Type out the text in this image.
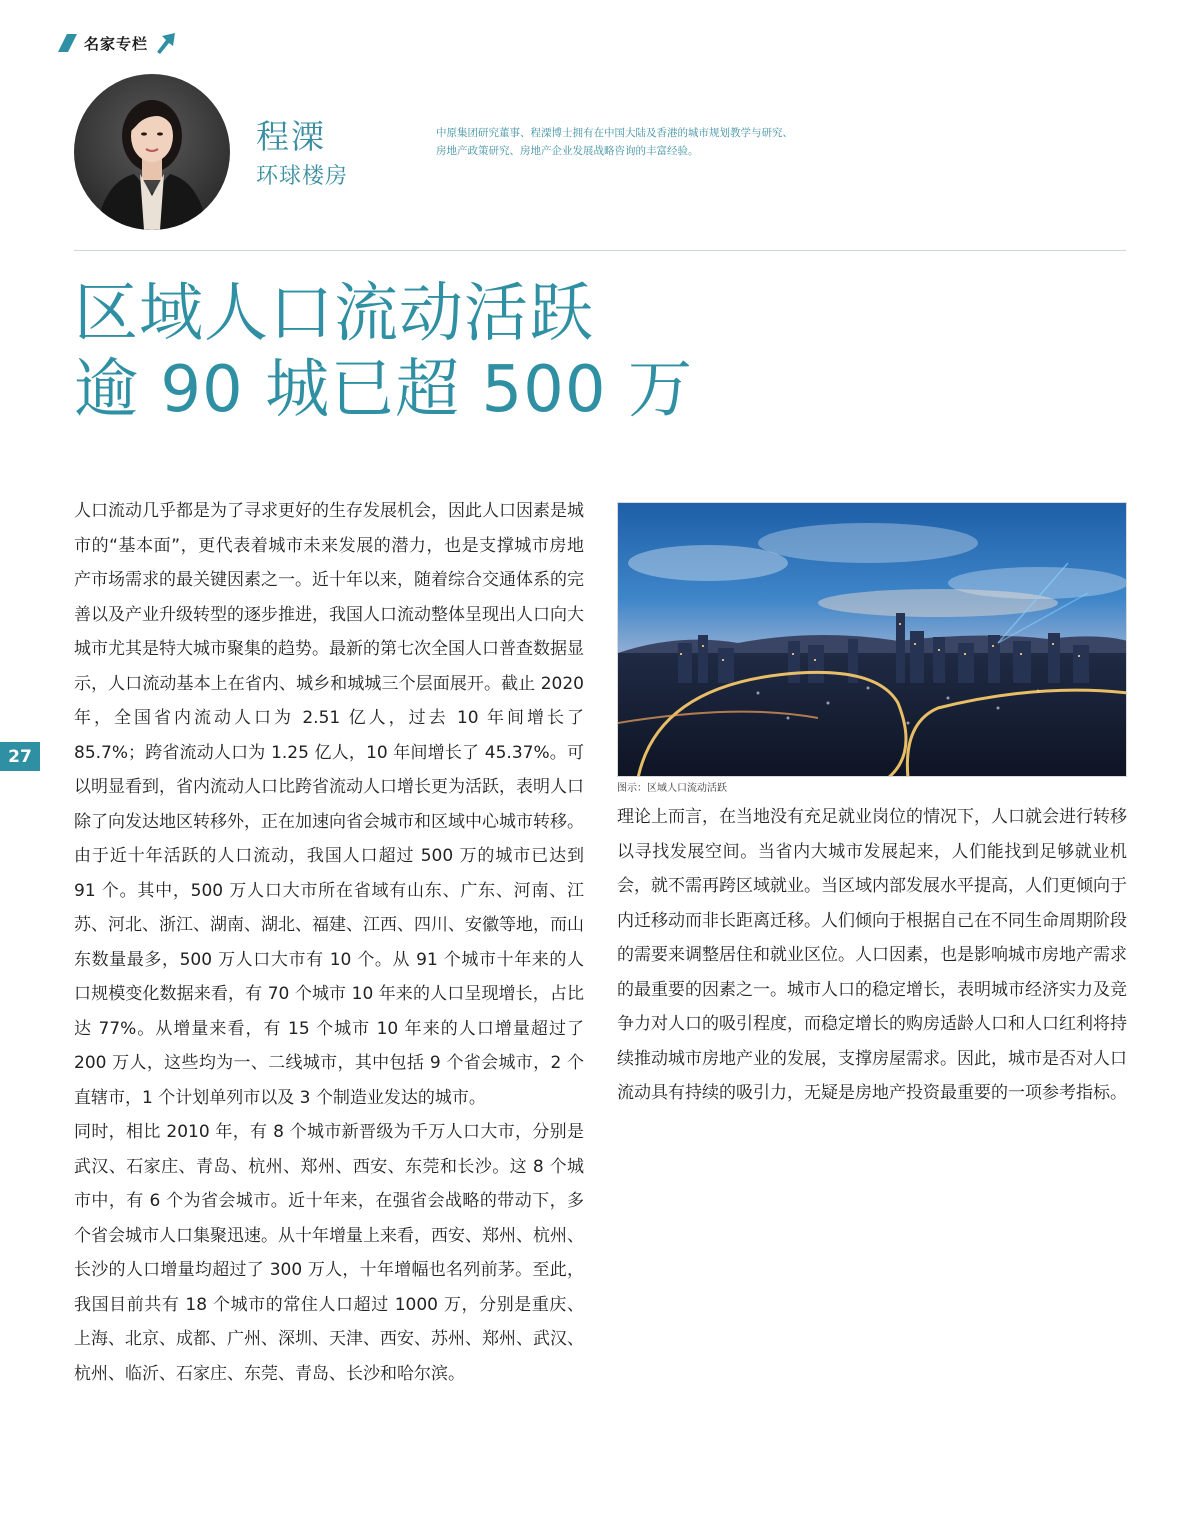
名家专栏
程溧
环球楼房

中原集团研究董事、程溧博士拥有在中国大陆及香港的城市规划教学与研究、

房地产政策研究、房地产企业发展战略咨询的丰富经验。

区域人口流动活跃
逾 90 城已超 500 万

人口流动几乎都是为了寻求更好的生存发展机会，因此人口因素是城市的“基本面”，更代表着城市未来发展的潜力，也是支撑城市房地产市场需求的最关键因素之一。近十年以来，随着综合交通体系的完善以及产业升级转型的逐步推进，我国人口流动整体呈现出人口向大城市尤其是特大城市聚集的趋势。最新的第七次全国人口普查数据显示，人口流动基本上在省内、城乡和城城三个层面展开。截止 2020 年，全国省内流动人口为 2.51 亿人，过去 10 年间增长了 85.7%；跨省流动人口为 1.25 亿人，10 年间增长了 45.37%。可以明显看到，省内流动人口比跨省流动人口增长更为活跃，表明人口除了向发达地区转移外，正在加速向省会城市和区域中心城市转移。

由于近十年活跃的人口流动，我国人口超过 500 万的城市已达到 91 个。其中，500 万人口大市所在省域有山东、广东、河南、江苏、河北、浙江、湖南、湖北、福建、江西、四川、安徽等地，而山东数量最多，500 万人口大市有 10 个。从 91 个城市十年来的人口规模变化数据来看，有 70 个城市 10 年来的人口呈现增长，占比达 77%。从增量来看，有 15 个城市 10 年来的人口增量超过了 200 万人，这些均为一、二线城市，其中包括 9 个省会城市，2 个直辖市，1 个计划单列市以及 3 个制造业发达的城市。

同时，相比 2010 年，有 8 个城市新晋级为千万人口大市，分别是武汉、石家庄、青岛、杭州、郑州、西安、东莞和长沙。这 8 个城市中，有 6 个为省会城市。近十年来，在强省会战略的带动下，多个省会城市人口集聚迅速。从十年增量上来看，西安、郑州、杭州、长沙的人口增量均超过了 300 万人，十年增幅也名列前茅。至此，我国目前共有 18 个城市的常住人口超过 1000 万，分别是重庆、上海、北京、成都、广州、深圳、天津、西安、苏州、郑州、武汉、杭州、临沂、石家庄、东莞、青岛、长沙和哈尔滨。

图示：区域人口流动活跃

理论上而言，在当地没有充足就业岗位的情况下，人口就会进行转移以寻找发展空间。当省内大城市发展起来，人们能找到足够就业机会，就不需再跨区域就业。当区域内部发展水平提高，人们更倾向于内迁移动而非长距离迁移。人们倾向于根据自己在不同生命周期阶段的需要来调整居住和就业区位。人口因素，也是影响城市房地产需求的最重要的因素之一。城市人口的稳定增长，表明城市经济实力及竞争力对人口的吸引程度，而稳定增长的购房适龄人口和人口红利将持续推动城市房地产业的发展，支撑房屋需求。因此，城市是否对人口流动具有持续的吸引力，无疑是房地产投资最重要的一项参考指标。

27
